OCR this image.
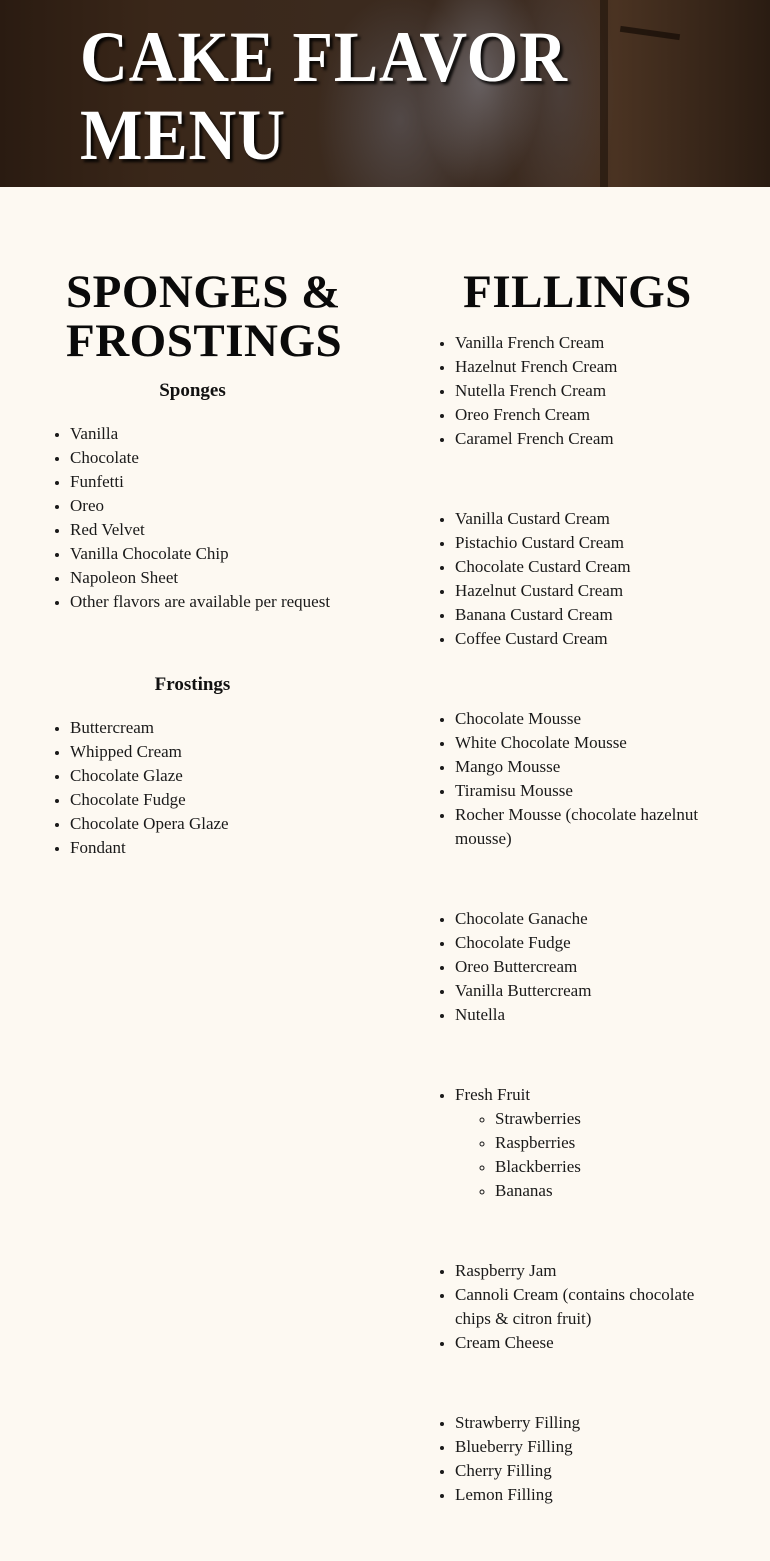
CAKE FLAVOR
MENU
SPONGES &
FROSTINGS
Sponges
• Vanilla
• Chocolate
• Funfetti
• Oreo
• Red Velvet
• Vanilla Chocolate Chip
• Napoleon Sheet
• Other flavors are available per request
Frostings
• Buttercream
• Whipped Cream
• Chocolate Glaze
• Chocolate Fudge
• Chocolate Opera Glaze
• Fondant
FILLINGS
• Vanilla French Cream
• Hazelnut French Cream
• Nutella French Cream
• Oreo French Cream
• Caramel French Cream
• Vanilla Custard Cream
• Pistachio Custard Cream
• Chocolate Custard Cream
• Hazelnut Custard Cream
• Banana Custard Cream
• Coffee Custard Cream
• Chocolate Mousse
• White Chocolate Mousse
• Mango Mousse
• Tiramisu Mousse
• Rocher Mousse (chocolate hazelnut mousse)
• Chocolate Ganache
• Chocolate Fudge
• Oreo Buttercream
• Vanilla Buttercream
• Nutella
• Fresh Fruit
◦ Strawberries
◦ Raspberries
◦ Blackberries
◦ Bananas
• Raspberry Jam
• Cannoli Cream (contains chocolate chips & citron fruit)
• Cream Cheese
• Strawberry Filling
• Blueberry Filling
• Cherry Filling
• Lemon Filling
